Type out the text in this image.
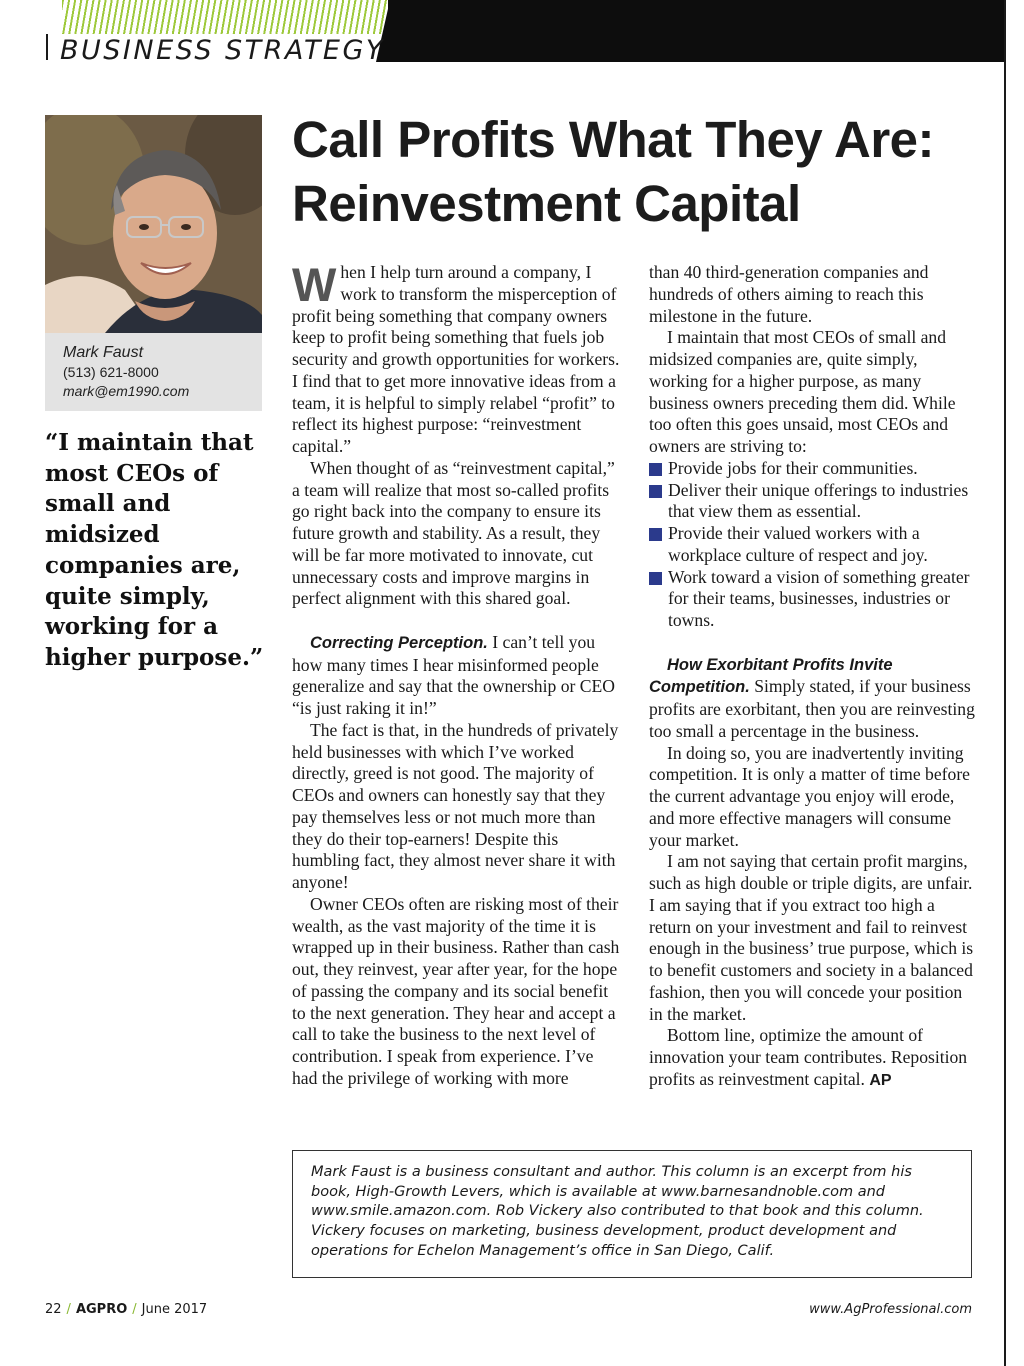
BUSINESS STRATEGY
Mark Faust
(513) 621-8000
mark@em1990.com
“I maintain that most CEOs of small and midsized companies are, quite simply, working for a higher purpose.”
Call Profits What They Are:
Reinvestment Capital

When I help turn around a company, I work to transform the misperception of profit being something that company owners keep to profit being something that fuels job security and growth opportunities for workers. I find that to get more innovative ideas from a team, it is helpful to simply relabel “profit” to reflect its highest purpose: “reinvestment capital.”

When thought of as “reinvestment capital,” a team will realize that most so-called profits go right back into the company to ensure its future growth and stability. As a result, they will be far more motivated to innovate, cut unnecessary costs and improve margins in perfect alignment with this shared goal.

Correcting Perception. I can’t tell you how many times I hear misinformed people generalize and say that the ownership or CEO “is just raking it in!”

The fact is that, in the hundreds of privately held businesses with which I’ve worked directly, greed is not good. The majority of CEOs and owners can honestly say that they pay themselves less or not much more than they do their top-earners! Despite this humbling fact, they almost never share it with anyone!

Owner CEOs often are risking most of their wealth, as the vast majority of the time it is wrapped up in their business. Rather than cash out, they reinvest, year after year, for the hope of passing the company and its social benefit to the next generation. They hear and accept a call to take the business to the next level of contribution. I speak from experience. I’ve had the privilege of working with more

than 40 third-generation companies and hundreds of others aiming to reach this milestone in the future.

I maintain that most CEOs of small and midsized companies are, quite simply, working for a higher purpose, as many business owners preceding them did. While too often this goes unsaid, most CEOs and owners are striving to:

Provide jobs for their communities.
Deliver their unique offerings to industries that view them as essential.
Provide their valued workers with a workplace culture of respect and joy.
Work toward a vision of something greater for their teams, businesses, industries or towns.

How Exorbitant Profits Invite Competition. Simply stated, if your business profits are exorbitant, then you are reinvesting too small a percentage in the business.

In doing so, you are inadvertently inviting competition. It is only a matter of time before the current advantage you enjoy will erode, and more effective managers will consume your market.

I am not saying that certain profit margins, such as high double or triple digits, are unfair. I am saying that if you extract too high a return on your investment and fail to reinvest enough in the business’ true purpose, which is to benefit customers and society in a balanced fashion, then you will concede your position in the market.

Bottom line, optimize the amount of innovation your team contributes. Reposition profits as reinvestment capital. AP

Mark Faust is a business consultant and author. This column is an excerpt from his book, High-Growth Levers, which is available at www.barnesandnoble.com and www.smile.amazon.com. Rob Vickery also contributed to that book and this column. Vickery focuses on marketing, business development, product development and operations for Echelon Management’s office in San Diego, Calif.
22 / AGPRO / June 2017	www.AgProfessional.com
